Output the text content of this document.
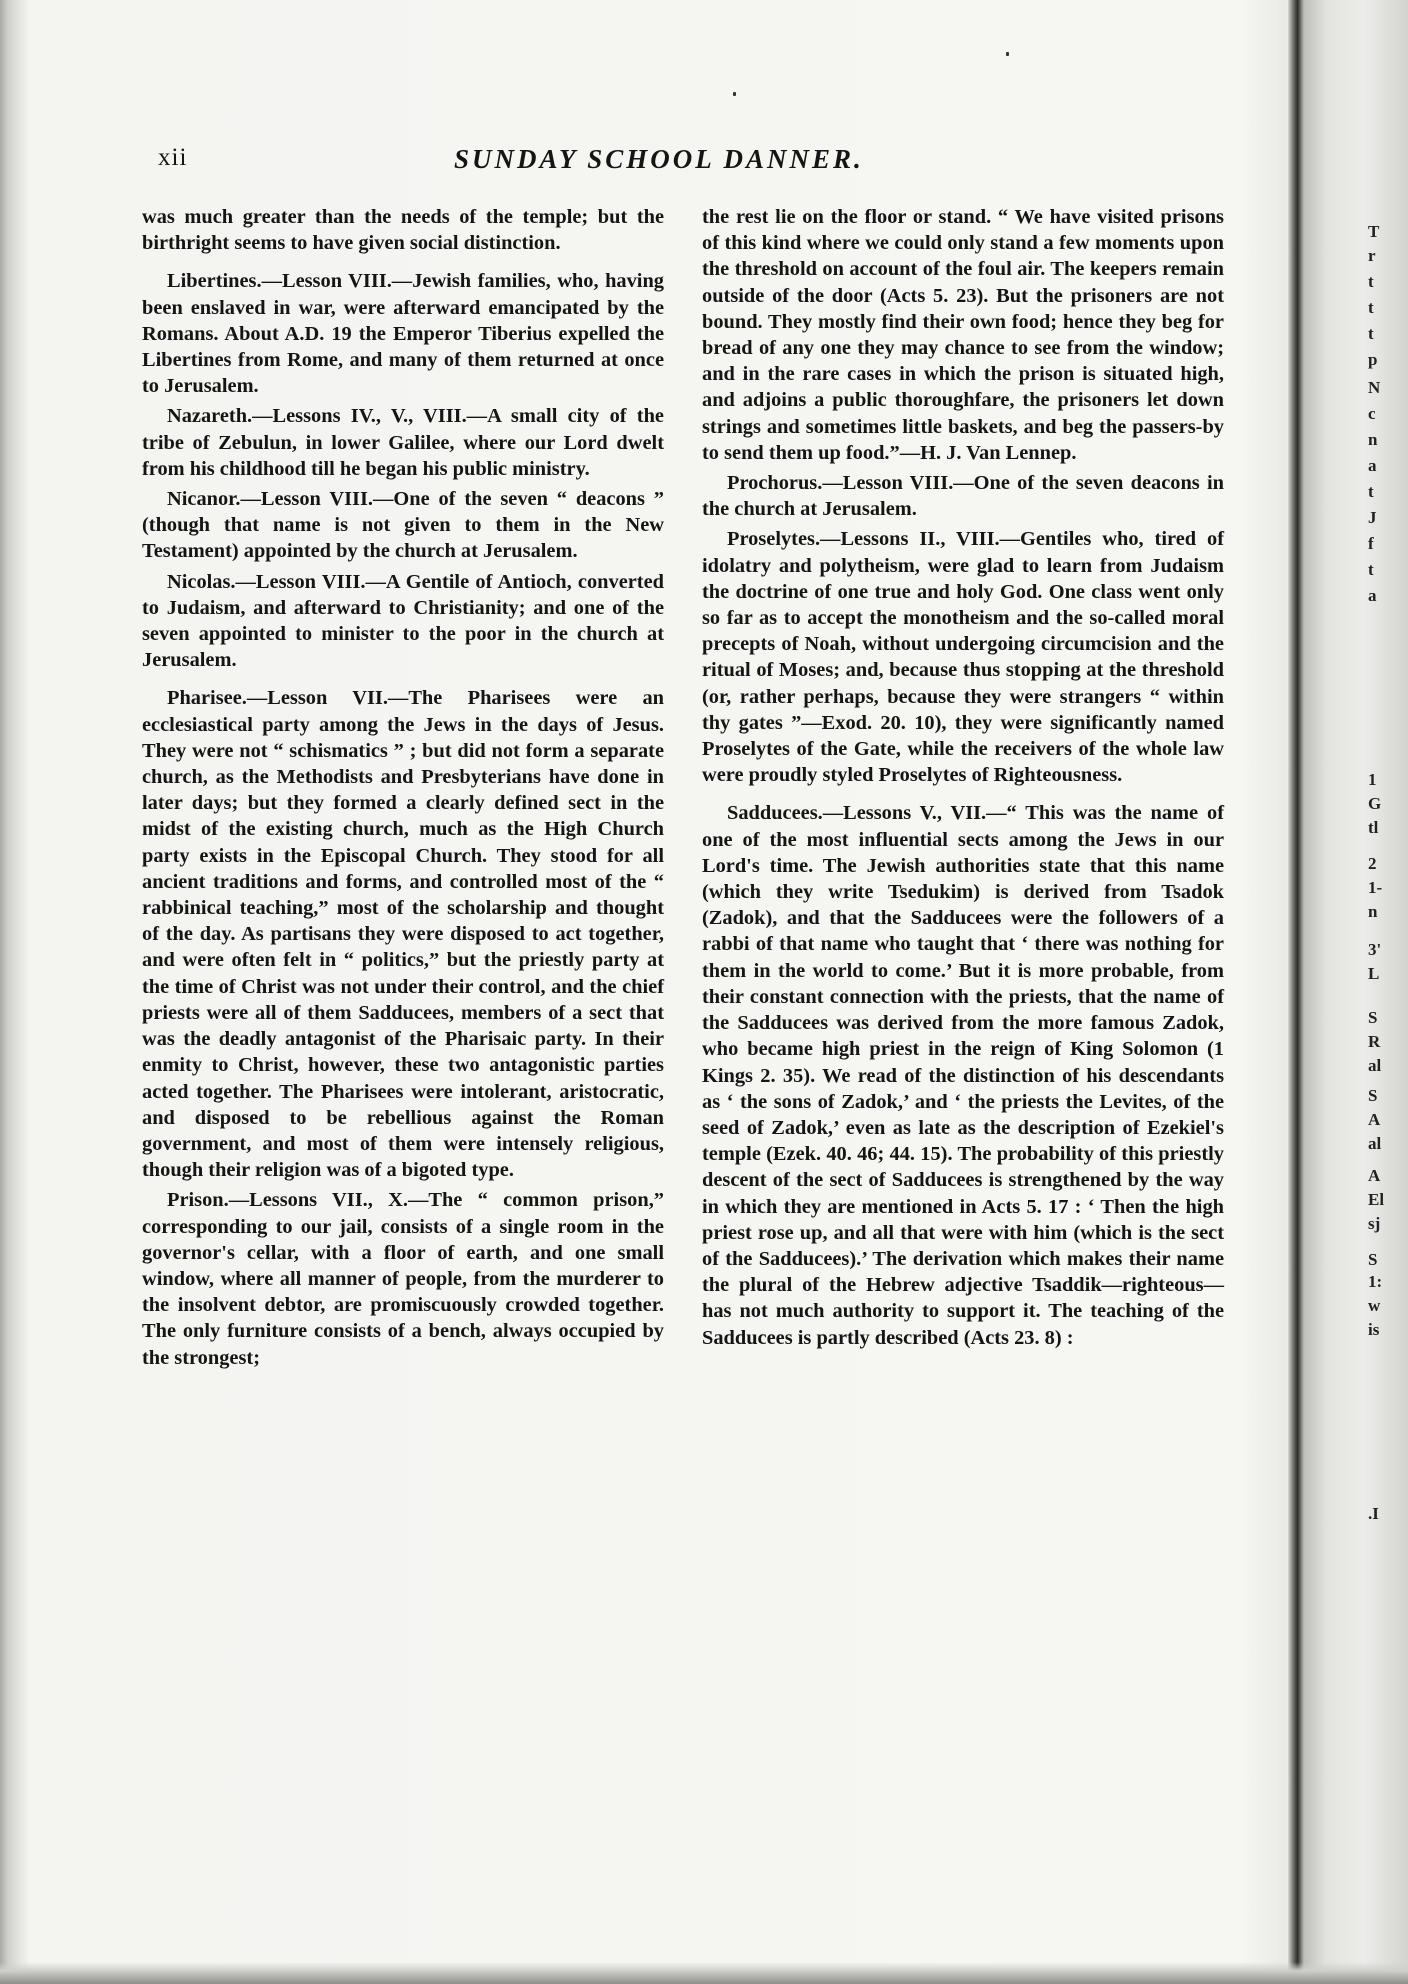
xii	SUNDAY SCHOOL DANNER.

was much greater than the needs of the temple; but the birthright seems to have given social distinction.

Libertines.—Lesson VIII.—Jewish families, who, having been enslaved in war, were afterward emancipated by the Romans. About A.D. 19 the Emperor Tiberius expelled the Libertines from Rome, and many of them returned at once to Jerusalem.

Nazareth.—Lessons IV., V., VIII.—A small city of the tribe of Zebulun, in lower Galilee, where our Lord dwelt from his childhood till he began his public ministry.

Nicanor.—Lesson VIII.—One of the seven “ deacons ” (though that name is not given to them in the New Testament) appointed by the church at Jerusalem.

Nicolas.—Lesson VIII.—A Gentile of Antioch, converted to Judaism, and afterward to Christianity; and one of the seven appointed to minister to the poor in the church at Jerusalem.

Pharisee.—Lesson VII.—The Pharisees were an ecclesiastical party among the Jews in the days of Jesus. They were not “ schismatics ” ; but did not form a separate church, as the Methodists and Presbyterians have done in later days; but they formed a clearly defined sect in the midst of the existing church, much as the High Church party exists in the Episcopal Church. They stood for all ancient traditions and forms, and controlled most of the “ rabbinical teaching,” most of the scholarship and thought of the day. As partisans they were disposed to act together, and were often felt in “ politics,” but the priestly party at the time of Christ was not under their control, and the chief priests were all of them Sadducees, members of a sect that was the deadly antagonist of the Pharisaic party. In their enmity to Christ, however, these two antagonistic parties acted together. The Pharisees were intolerant, aristocratic, and disposed to be rebellious against the Roman government, and most of them were intensely religious, though their religion was of a bigoted type.

Prison.—Lessons VII., X.—The “ common prison,” corresponding to our jail, consists of a single room in the governor's cellar, with a floor of earth, and one small window, where all manner of people, from the murderer to the insolvent debtor, are promiscuously crowded together. The only furniture consists of a bench, always occupied by the strongest;

the rest lie on the floor or stand. “ We have visited prisons of this kind where we could only stand a few moments upon the threshold on account of the foul air. The keepers remain outside of the door (Acts 5. 23). But the prisoners are not bound. They mostly find their own food; hence they beg for bread of any one they may chance to see from the window; and in the rare cases in which the prison is situated high, and adjoins a public thoroughfare, the prisoners let down strings and sometimes little baskets, and beg the passers-by to send them up food.”—H. J. Van Lennep.

Prochorus.—Lesson VIII.—One of the seven deacons in the church at Jerusalem.

Proselytes.—Lessons II., VIII.—Gentiles who, tired of idolatry and polytheism, were glad to learn from Judaism the doctrine of one true and holy God. One class went only so far as to accept the monotheism and the so-called moral precepts of Noah, without undergoing circumcision and the ritual of Moses; and, because thus stopping at the threshold (or, rather perhaps, because they were strangers “ within thy gates ”—Exod. 20. 10), they were significantly named Proselytes of the Gate, while the receivers of the whole law were proudly styled Proselytes of Righteousness.

Sadducees.—Lessons V., VII.—“ This was the name of one of the most influential sects among the Jews in our Lord's time. The Jewish authorities state that this name (which they write Tsedukim) is derived from Tsadok (Zadok), and that the Sadducees were the followers of a rabbi of that name who taught that ‘ there was nothing for them in the world to come.’ But it is more probable, from their constant connection with the priests, that the name of the Sadducees was derived from the more famous Zadok, who became high priest in the reign of King Solomon (1 Kings 2. 35). We read of the distinction of his descendants as ‘ the sons of Zadok,’ and ‘ the priests the Levites, of the seed of Zadok,’ even as late as the description of Ezekiel's temple (Ezek. 40. 46; 44. 15). The probability of this priestly descent of the sect of Sadducees is strengthened by the way in which they are mentioned in Acts 5. 17 : ‘ Then the high priest rose up, and all that were with him (which is the sect of the Sadducees).’ The derivation which makes their name the plural of the Hebrew adjective Tsaddik—righteous—has not much authority to support it. The teaching of the Sadducees is partly described (Acts 23. 8) :

T
r
t
t
t
p
N
c
n
a
t
J
f
t
a
1
G
tl
2
1-
n
3'
L
S
R
al
S
A
al
A
El
sj
S
1:
w
is
.I
